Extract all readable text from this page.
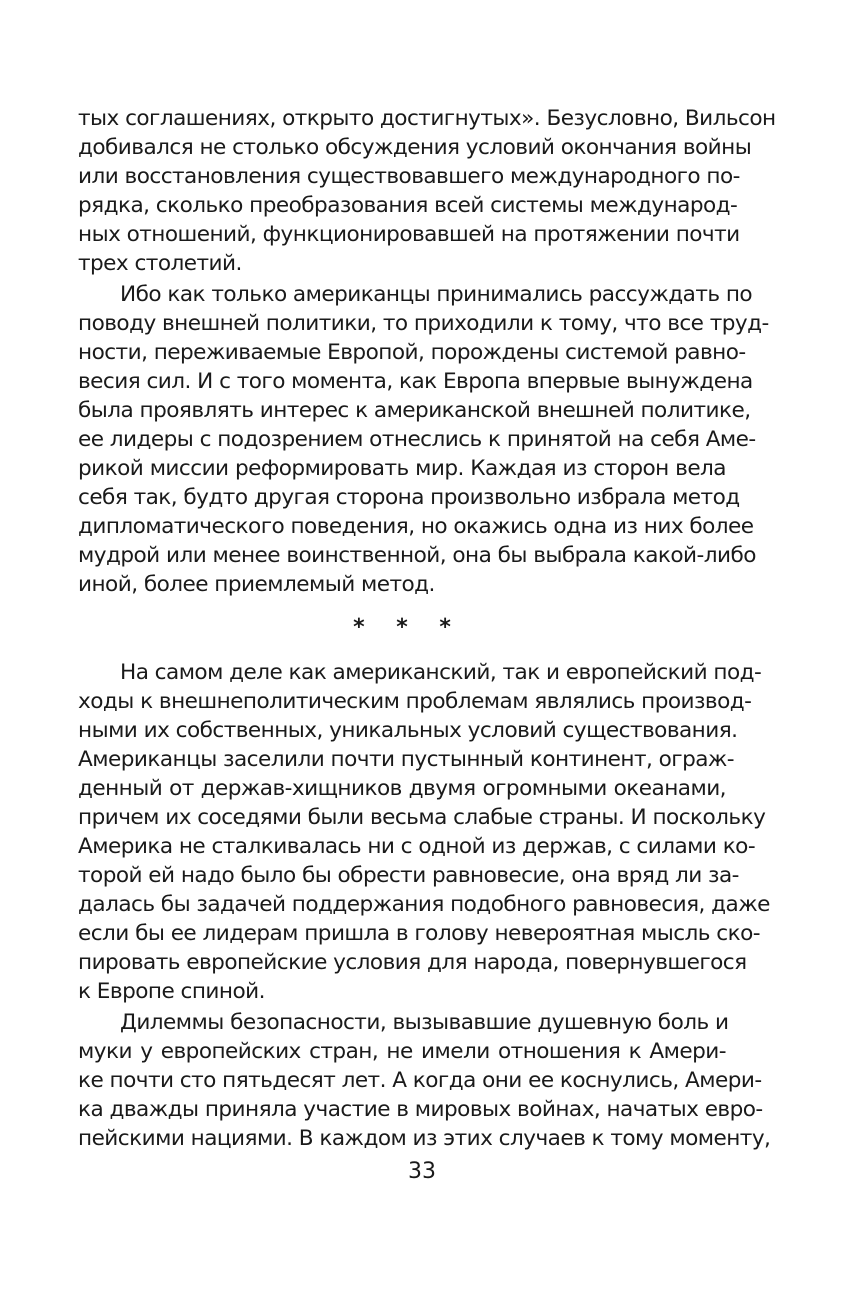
тых соглашениях, открыто достигнутых». Безусловно, Вильсон
добивался не столько обсуждения условий окончания войны
или восстановления существовавшего международного по-
рядка, сколько преобразования всей системы международ-
ных отношений, функционировавшей на протяжении почти
трех столетий.
Ибо как только американцы принимались рассуждать по
поводу внешней политики, то приходили к тому, что все труд-
ности, переживаемые Европой, порождены системой равно-
весия сил. И с того момента, как Европа впервые вынуждена
была проявлять интерес к американской внешней политике,
ее лидеры с подозрением отнеслись к принятой на себя Аме-
рикой миссии реформировать мир. Каждая из сторон вела
себя так, будто другая сторона произвольно избрала метод
дипломатического поведения, но окажись одна из них более
мудрой или менее воинственной, она бы выбрала какой-либо
иной, более приемлемый метод.
* * *
На самом деле как американский, так и европейский под-
ходы к внешнеполитическим проблемам являлись производ-
ными их собственных, уникальных условий существования.
Американцы заселили почти пустынный континент, ограж-
денный от держав-хищников двумя огромными океанами,
причем их соседями были весьма слабые страны. И поскольку
Америка не сталкивалась ни с одной из держав, с силами ко-
торой ей надо было бы обрести равновесие, она вряд ли за-
далась бы задачей поддержания подобного равновесия, даже
если бы ее лидерам пришла в голову невероятная мысль ско-
пировать европейские условия для народа, повернувшегося
к Европе спиной.
Дилеммы безопасности, вызывавшие душевную боль и
муки у европейских стран, не имели отношения к Амери-
ке почти сто пятьдесят лет. А когда они ее коснулись, Амери-
ка дважды приняла участие в мировых войнах, начатых евро-
пейскими нациями. В каждом из этих случаев к тому моменту,
33
